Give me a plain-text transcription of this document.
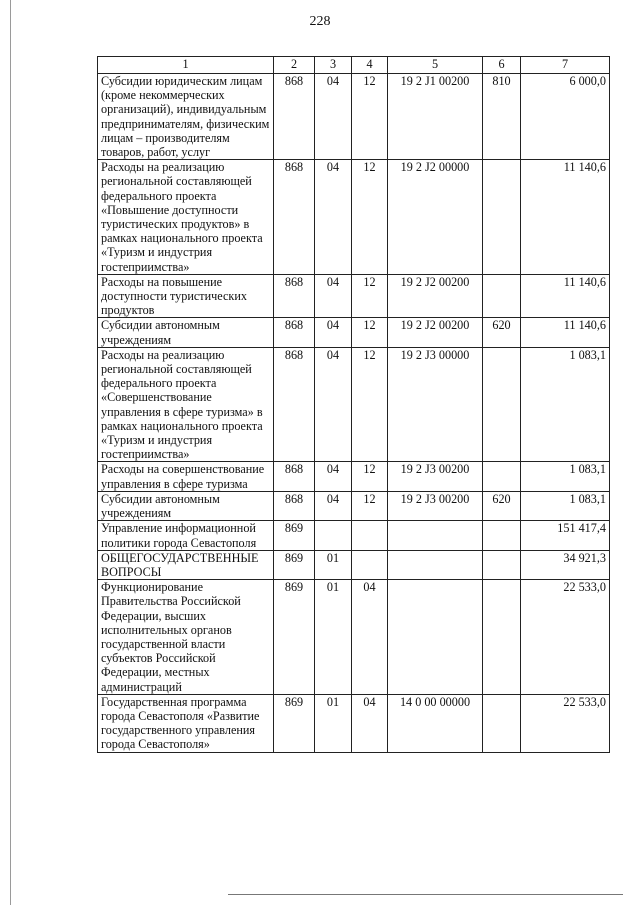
228
1	2	3	4	5	6	7
Субсидии юридическим лицам (кроме некоммерческих организаций), индивидуальным предпринимателям, физическим лицам – производителям товаров, работ, услуг	868	04	12	19 2 J1 00200	810	6 000,0
Расходы на реализацию региональной составляющей федерального проекта «Повышение доступности туристических продуктов» в рамках национального проекта «Туризм и индустрия гостеприимства»	868	04	12	19 2 J2 00000		11 140,6
Расходы на повышение доступности туристических продуктов	868	04	12	19 2 J2 00200		11 140,6
Субсидии автономным учреждениям	868	04	12	19 2 J2 00200	620	11 140,6
Расходы на реализацию региональной составляющей федерального проекта «Совершенствование управления в сфере туризма» в рамках национального проекта «Туризм и индустрия гостеприимства»	868	04	12	19 2 J3 00000		1 083,1
Расходы на совершенствование управления в сфере туризма	868	04	12	19 2 J3 00200		1 083,1
Субсидии автономным учреждениям	868	04	12	19 2 J3 00200	620	1 083,1
Управление информационной политики города Севастополя	869					151 417,4
ОБЩЕГОСУДАРСТВЕННЫЕ ВОПРОСЫ	869	01				34 921,3
Функционирование Правительства Российской Федерации, высших исполнительных органов государственной власти субъектов Российской Федерации, местных администраций	869	01	04			22 533,0
Государственная программа города Севастополя «Развитие государственного управления города Севастополя»	869	01	04	14 0 00 00000		22 533,0
